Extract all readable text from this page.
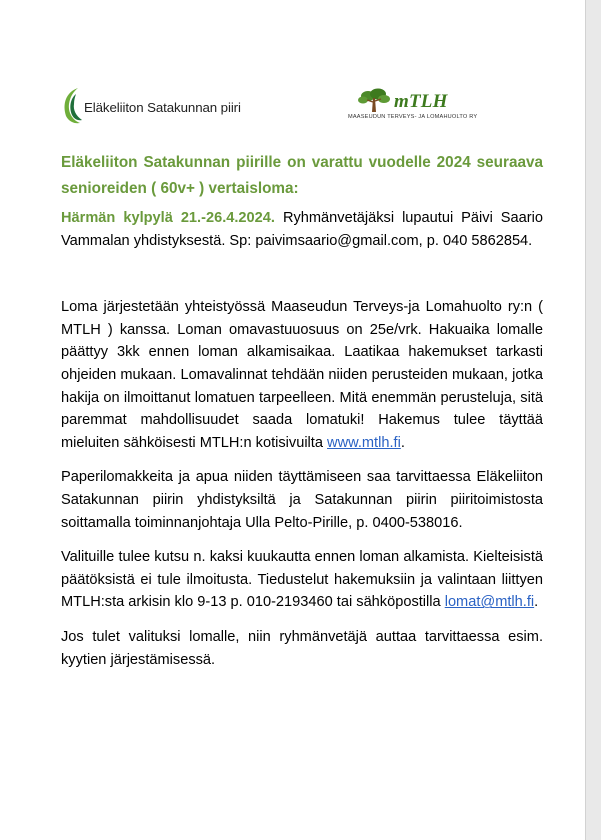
Eläkeliiton Satakunnan piiri	mTLH
MAASEUDUN TERVEYS- JA LOMAHUOLTO RY

Eläkeliiton Satakunnan piirille on varattu vuodelle 2024 seuraava senioreiden ( 60v+ ) vertaisloma:

Härmän kylpylä 21.-26.4.2024. Ryhmänvetäjäksi lupautui Päivi Saario Vammalan yhdistyksestä. Sp: paivimsaario@gmail.com, p. 040 5862854.

Loma järjestetään yhteistyössä Maaseudun Terveys-ja Lomahuolto ry:n ( MTLH ) kanssa. Loman omavastuuosuus on 25e/vrk. Hakuaika lomalle päättyy 3kk ennen loman alkamisaikaa. Laatikaa hakemukset tarkasti ohjeiden mukaan. Lomavalinnat tehdään niiden perusteiden mukaan, jotka hakija on ilmoittanut lomatuen tarpeelleen. Mitä enemmän perusteluja, sitä paremmat mahdollisuudet saada lomatuki! Hakemus tulee täyttää mieluiten sähköisesti MTLH:n kotisivuilta www.mtlh.fi.

Paperilomakkeita ja apua niiden täyttämiseen saa tarvittaessa Eläkeliiton Satakunnan piirin yhdistyksiltä ja Satakunnan piirin piiritoimistosta soittamalla toiminnanjohtaja Ulla Pelto-Pirille, p. 0400-538016.

Valituille tulee kutsu n. kaksi kuukautta ennen loman alkamista. Kielteisistä päätöksistä ei tule ilmoitusta. Tiedustelut hakemuksiin ja valintaan liittyen MTLH:sta arkisin klo 9-13 p. 010-2193460 tai sähköpostilla lomat@mtlh.fi.

Jos tulet valituksi lomalle, niin ryhmänvetäjä auttaa tarvittaessa esim. kyytien järjestämisessä.
